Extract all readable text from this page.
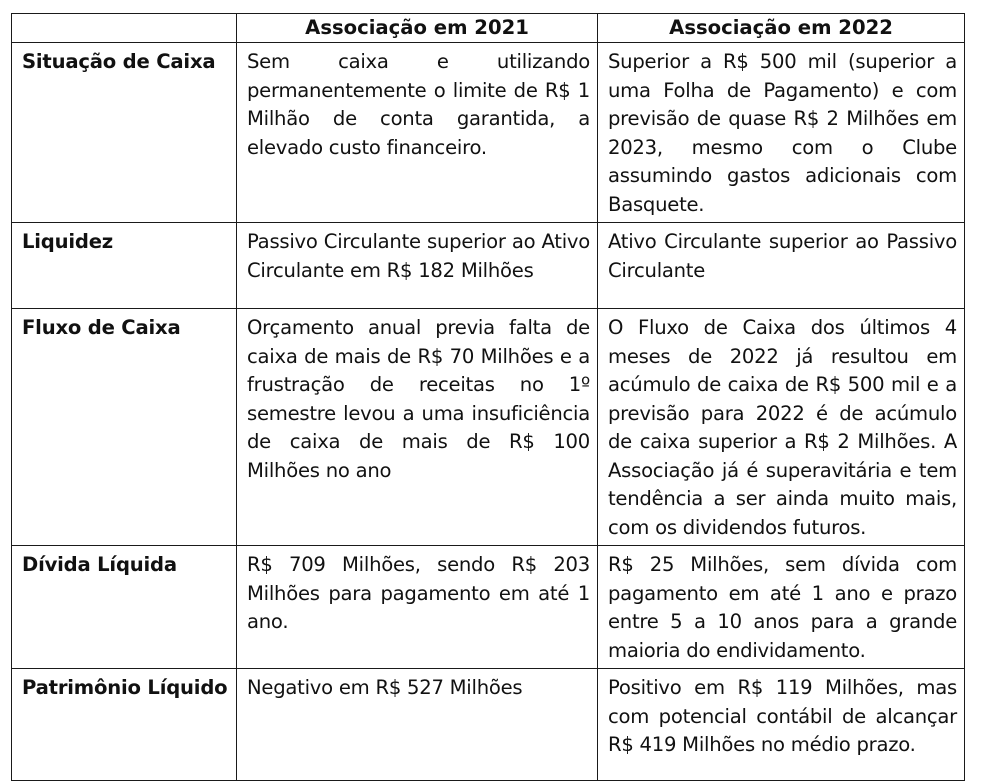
	Associação em 2021	Associação em 2022
Situação de Caixa	Sem caixa e utilizando permanentemente o limite de R$ 1 Milhão de conta garantida, a elevado custo financeiro.	Superior a R$ 500 mil (superior a uma Folha de Pagamento) e com previsão de quase R$ 2 Milhões em 2023, mesmo com o Clube assumindo gastos adicionais com Basquete.
Liquidez	Passivo Circulante superior ao Ativo Circulante em R$ 182 Milhões	Ativo Circulante superior ao Passivo Circulante
Fluxo de Caixa	Orçamento anual previa falta de caixa de mais de R$ 70 Milhões e a frustração de receitas no 1º semestre levou a uma insuficiência de caixa de mais de R$ 100 Milhões no ano	O Fluxo de Caixa dos últimos 4 meses de 2022 já resultou em acúmulo de caixa de R$ 500 mil e a previsão para 2022 é de acúmulo de caixa superior a R$ 2 Milhões. A Associação já é superavitária e tem tendência a ser ainda muito mais, com os dividendos futuros.
Dívida Líquida	R$ 709 Milhões, sendo R$ 203 Milhões para pagamento em até 1 ano.	R$ 25 Milhões, sem dívida com pagamento em até 1 ano e prazo entre 5 a 10 anos para a grande maioria do endividamento.
Patrimônio Líquido	Negativo em R$ 527 Milhões	Positivo em R$ 119 Milhões, mas com potencial contábil de alcançar R$ 419 Milhões no médio prazo.
